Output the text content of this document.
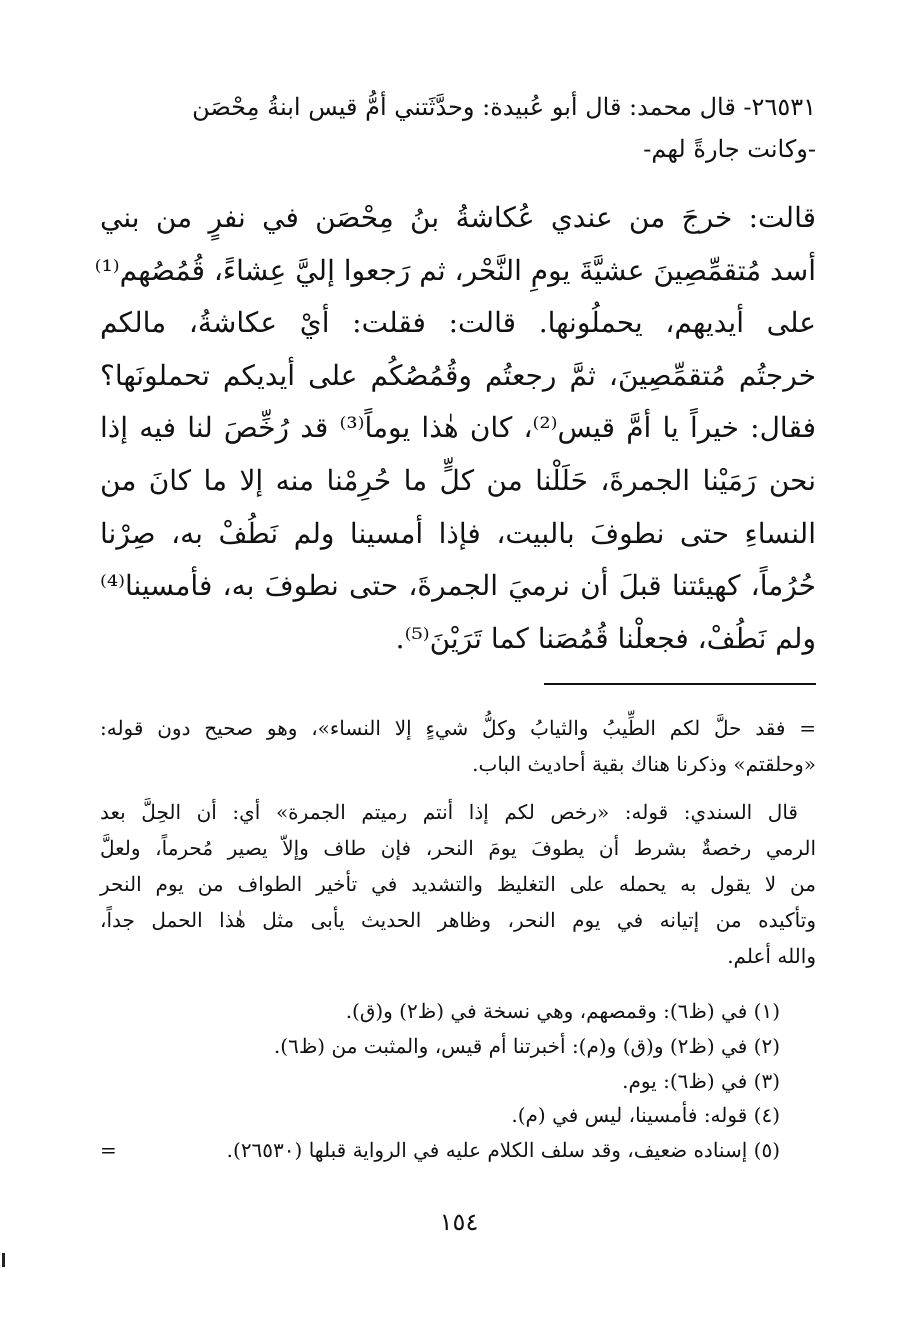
٢٦٥٣١- قال محمد: قال أبو عُبيدة: وحدَّثَتني أمُّ قيس ابنةُ مِحْصَن
-وكانت جارةً لهم-
قالت: خرجَ من عندي عُكاشةُ بنُ مِحْصَن في نفرٍ من بني
أسد مُتقمِّصِينَ عشيَّةَ يومِ النَّحْر، ثم رَجعوا إليَّ عِشاءً، قُمُصُهم⁽¹⁾
على أيديهم، يحملُونها. قالت: فقلت: أيْ عكاشةُ، مالكم
خرجتُم مُتقمِّصِينَ، ثمَّ رجعتُم وقُمُصُكُم على أيديكم تحملونَها؟
فقال: خيراً يا أمَّ قيس⁽²⁾، كان هٰذا يوماً⁽³⁾ قد رُخِّصَ لنا فيه إذا
نحن رَمَيْنا الجمرةَ، حَلَلْنا من كلٍّ ما حُرِمْنا منه إلا ما كانَ من
النساءِ حتى نطوفَ بالبيت، فإذا أمسينا ولم نَطُفْ به، صِرْنا
حُرُماً، كهيئتنا قبلَ أن نرميَ الجمرةَ، حتى نطوفَ به، فأمسينا⁽⁴⁾
ولم نَطُفْ، فجعلْنا قُمُصَنا كما تَرَيْنَ⁽⁵⁾.
= فقد حلَّ لكم الطِّيبُ والثيابُ وكلُّ شيءٍ إلا النساء»، وهو صحيح دون قوله:
«وحلقتم» وذكرنا هناك بقية أحاديث الباب.
قال السندي: قوله: «رخص لكم إذا أنتم رميتم الجمرة» أي: أن الحِلَّ بعد
الرمي رخصةٌ بشرط أن يطوفَ يومَ النحر، فإن طاف وإلاّ يصير مُحرماً، ولعلَّ
من لا يقول به يحمله على التغليظ والتشديد في تأخير الطواف من يوم النحر
وتأكيده من إتيانه في يوم النحر، وظاهر الحديث يأبى مثل هٰذا الحمل جداً،
والله أعلم.
(١) في (ظ٦): وقمصهم، وهي نسخة في (ظ٢) و(ق).
(٢) في (ظ٢) و(ق) و(م): أخبرتنا أم قيس، والمثبت من (ظ٦).
(٣) في (ظ٦): يوم.
(٤) قوله: فأمسينا، ليس في (م).
(٥) إسناده ضعيف، وقد سلف الكلام عليه في الرواية قبلها (٢٦٥٣٠).
=
١٥٤
